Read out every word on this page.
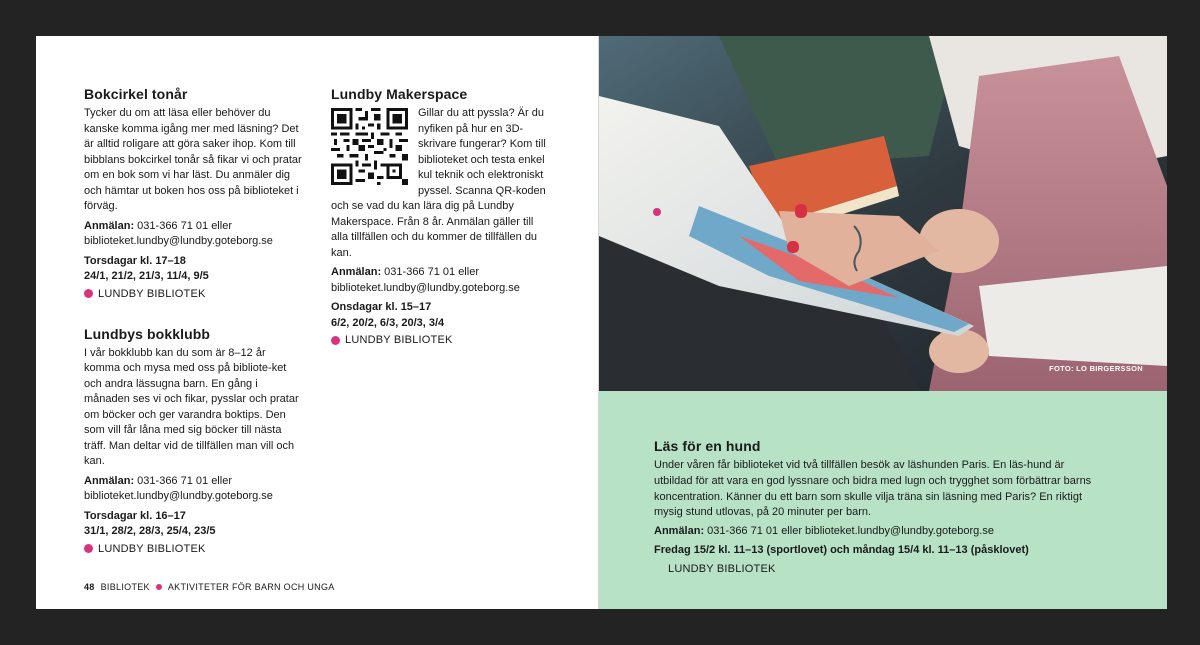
Bokcirkel tonår

Tycker du om att läsa eller behöver du kanske komma igång mer med läsning? Det är alltid roligare att göra saker ihop. Kom till bibblans bokcirkel tonår så fikar vi och pratar om en bok som vi har läst. Du anmäler dig och hämtar ut boken hos oss på biblioteket i förväg.

Anmälan: 031-366 71 01 eller biblioteket.lundby@lundby.goteborg.se

Torsdagar kl. 17–18
24/1, 21/2, 21/3, 11/4, 9/5

LUNDBY BIBLIOTEK
Lundbys bokklubb

I vår bokklubb kan du som är 8–12 år komma och mysa med oss på bibliote-ket och andra lässugna barn. En gång i månaden ses vi och fikar, pysslar och pratar om böcker och ger varandra boktips. Den som vill får låna med sig böcker till nästa träff. Man deltar vid de tillfällen man vill och kan.

Anmälan: 031-366 71 01 eller biblioteket.lundby@lundby.goteborg.se

Torsdagar kl. 16–17
31/1, 28/2, 28/3, 25/4, 23/5

LUNDBY BIBLIOTEK
Lundby Makerspace

Gillar du att pyssla? Är du nyfiken på hur en 3D-skrivare fungerar? Kom till biblioteket och testa enkel kul teknik och elektroniskt pyssel. Scanna QR-koden och se vad du kan lära dig på Lundby Makerspace. Från 8 år. Anmälan gäller till alla tillfällen och du kommer de tillfällen du kan.

Anmälan: 031-366 71 01 eller biblioteket.lundby@lundby.goteborg.se

Onsdagar kl. 15–17
6/2, 20/2, 6/3, 20/3, 3/4

LUNDBY BIBLIOTEK
48 BIBLIOTEK AKTIVITETER FÖR BARN OCH UNGA
FOTO: LO BIRGERSSON
Läs för en hund

Under våren får biblioteket vid två tillfällen besök av läshunden Paris. En läs-hund är utbildad för att vara en god lyssnare och bidra med lugn och trygghet som förbättrar barns koncentration. Känner du ett barn som skulle vilja träna sin läsning med Paris? En riktigt mysig stund utlovas, på 20 minuter per barn.

Anmälan: 031-366 71 01 eller biblioteket.lundby@lundby.goteborg.se

Fredag 15/2 kl. 11–13 (sportlovet) och måndag 15/4 kl. 11–13 (påsklovet)

LUNDBY BIBLIOTEK
